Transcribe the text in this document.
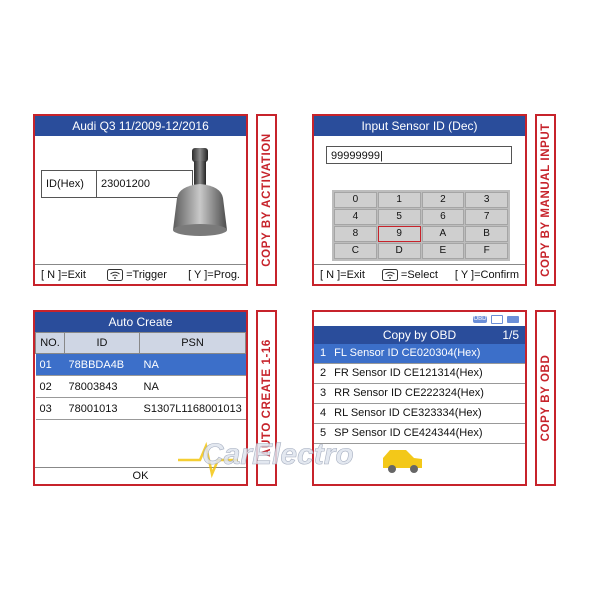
Audi Q3 11/2009-12/2016
ID(Hex)	23001200
[ N ]=Exit	=Trigger [ Y ]=Prog.
COPY BY ACTIVATION
Input Sensor ID (Dec)
99999999|
0	1	2	3
4	5	6	7
8	9	A	B
C	D	E	F
[ N ]=Exit	=Select [ Y ]=Confirm COPY BY MANUAL INPUT
Auto Create
NO.	ID	PSN
01	78BBDA4B	NA
02	78003843	NA
03	78001013	S1307L1168001013
OK
AUTO CREATE 1-16
OBD
Copy by OBD	1/5
1 FL Sensor ID CE020304(Hex)
2 FR Sensor ID CE121314(Hex)
3 RR Sensor ID CE222324(Hex)
4 RL Sensor ID CE323334(Hex)
5 SP Sensor ID CE424344(Hex)	COPY BY OBD
CarElectro
